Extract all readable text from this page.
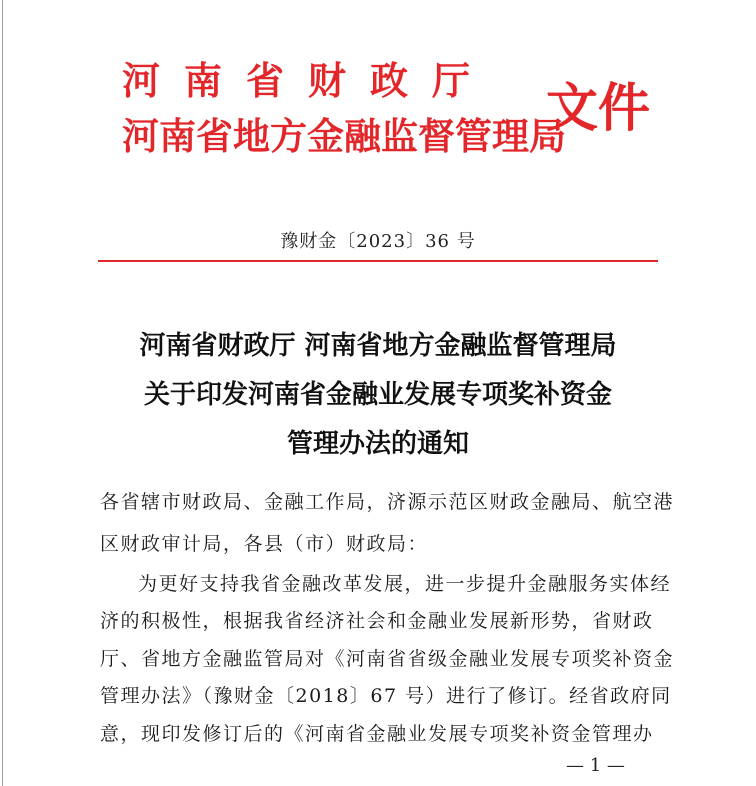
河南省财政厅
河南省地方金融监督管理局
文件
豫财金〔2023〕36 号
河南省财政厅 河南省地方金融监督管理局
关于印发河南省金融业发展专项奖补资金
管理办法的通知
各省辖市财政局、金融工作局，济源示范区财政金融局、航空港
区财政审计局，各县（市）财政局：
为更好支持我省金融改革发展，进一步提升金融服务实体经
济的积极性，根据我省经济社会和金融业发展新形势，省财政
厅、省地方金融监管局对《河南省省级金融业发展专项奖补资金
管理办法》（豫财金〔2018〕67 号）进行了修订。经省政府同
意，现印发修订后的《河南省金融业发展专项奖补资金管理办
— 1 —
